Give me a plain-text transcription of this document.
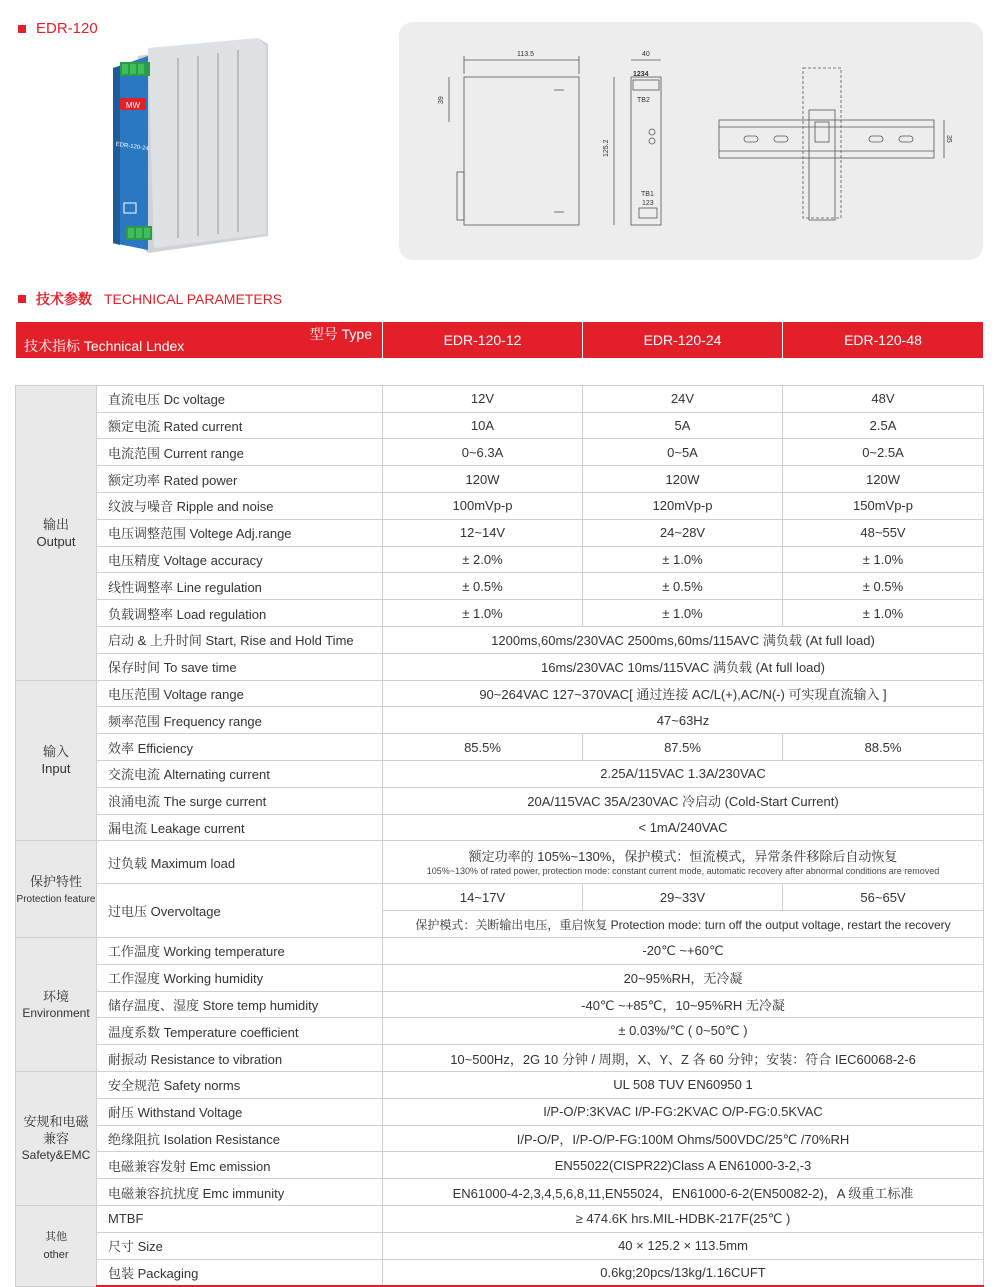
EDR-120
MW
EDR-120-24
113.5
39
40
1234
TB2
TB1
123
125.2
35
技术参数 TECHNICAL PARAMETERS
型号 Type
技术指标 Technical Lndex		EDR-120-12	EDR-120-24	EDR-120-48

输出
Output	直流电压 Dc voltage	12V	24V	48V
	额定电流 Rated current	10A	5A	2.5A
	电流范围 Current range	0~6.3A	0~5A	0~2.5A
	额定功率 Rated power	120W	120W	120W
	纹波与噪音 Ripple and noise	100mVp-p	120mVp-p	150mVp-p
	电压调整范围 Voltege Adj.range	12~14V	24~28V	48~55V
	电压精度 Voltage accuracy	± 2.0%	± 1.0%	± 1.0%
	线性调整率 Line regulation	± 0.5%	± 0.5%	± 0.5%
	负载调整率 Load regulation	± 1.0%	± 1.0%	± 1.0%
	启动 & 上升时间 Start, Rise and Hold Time	1200ms,60ms/230VAC 2500ms,60ms/115AVC 满负载 (At full load)		
	保存时间 To save time	16ms/230VAC 10ms/115VAC 满负载 (At full load)		

输入
Input	电压范围 Voltage range	90~264VAC 127~370VAC[ 通过连接 AC/L(+),AC/N(-) 可实现直流输入 ]		
	频率范围 Frequency range	47~63Hz		
	效率 Efficiency	85.5%	87.5%	88.5%
	交流电流 Alternating current	2.25A/115VAC 1.3A/230VAC		
	浪涌电流 The surge current	20A/115VAC 35A/230VAC 冷启动 (Cold-Start Current)		
	漏电流 Leakage current	< 1mA/240VAC		

保护特性
Protection feature	过负载 Maximum load	额定功率的 105%~130%，保护模式：恒流模式，异常条件移除后自动恢复
105%~130% of rated power, protection mode: constant current mode, automatic recovery after abnormal conditions are removed		

	过电压 Overvoltage	14~17V	29~33V	56~65V
		保护模式：关断输出电压，重启恢复 Protection mode: turn off the output voltage, restart the recovery		

环境
Environment	工作温度 Working temperature	-20℃ ~+60℃		
	工作湿度 Working humidity	20~95%RH，无冷凝		
	储存温度、湿度 Store temp humidity	-40℃ ~+85℃，10~95%RH 无冷凝		
	温度系数 Temperature coefficient	± 0.03%/℃ ( 0~50℃ )		
	耐振动 Resistance to vibration	10~500Hz，2G 10 分钟 / 周期，X、Y、Z 各 60 分钟；安装：符合 IEC60068-2-6		

安规和电磁
兼容
Safety&EMC	安全规范 Safety norms	UL 508 TUV EN60950 1		
	耐压 Withstand Voltage	I/P-O/P:3KVAC I/P-FG:2KVAC O/P-FG:0.5KVAC		
	绝缘阻抗 Isolation Resistance	I/P-O/P，I/P-O/P-FG:100M Ohms/500VDC/25℃ /70%RH		
	电磁兼容发射 Emc emission	EN55022(CISPR22)Class A EN61000-3-2,-3		
	电磁兼容抗扰度 Emc immunity	EN61000-4-2,3,4,5,6,8,11,EN55024，EN61000-6-2(EN50082-2)，A 级重工标准		

其他
other	MTBF	≥ 474.6K hrs.MIL-HDBK-217F(25℃ )		
	尺寸 Size	40 × 125.2 × 113.5mm		
	包装 Packaging	0.6kg;20pcs/13kg/1.16CUFT		
